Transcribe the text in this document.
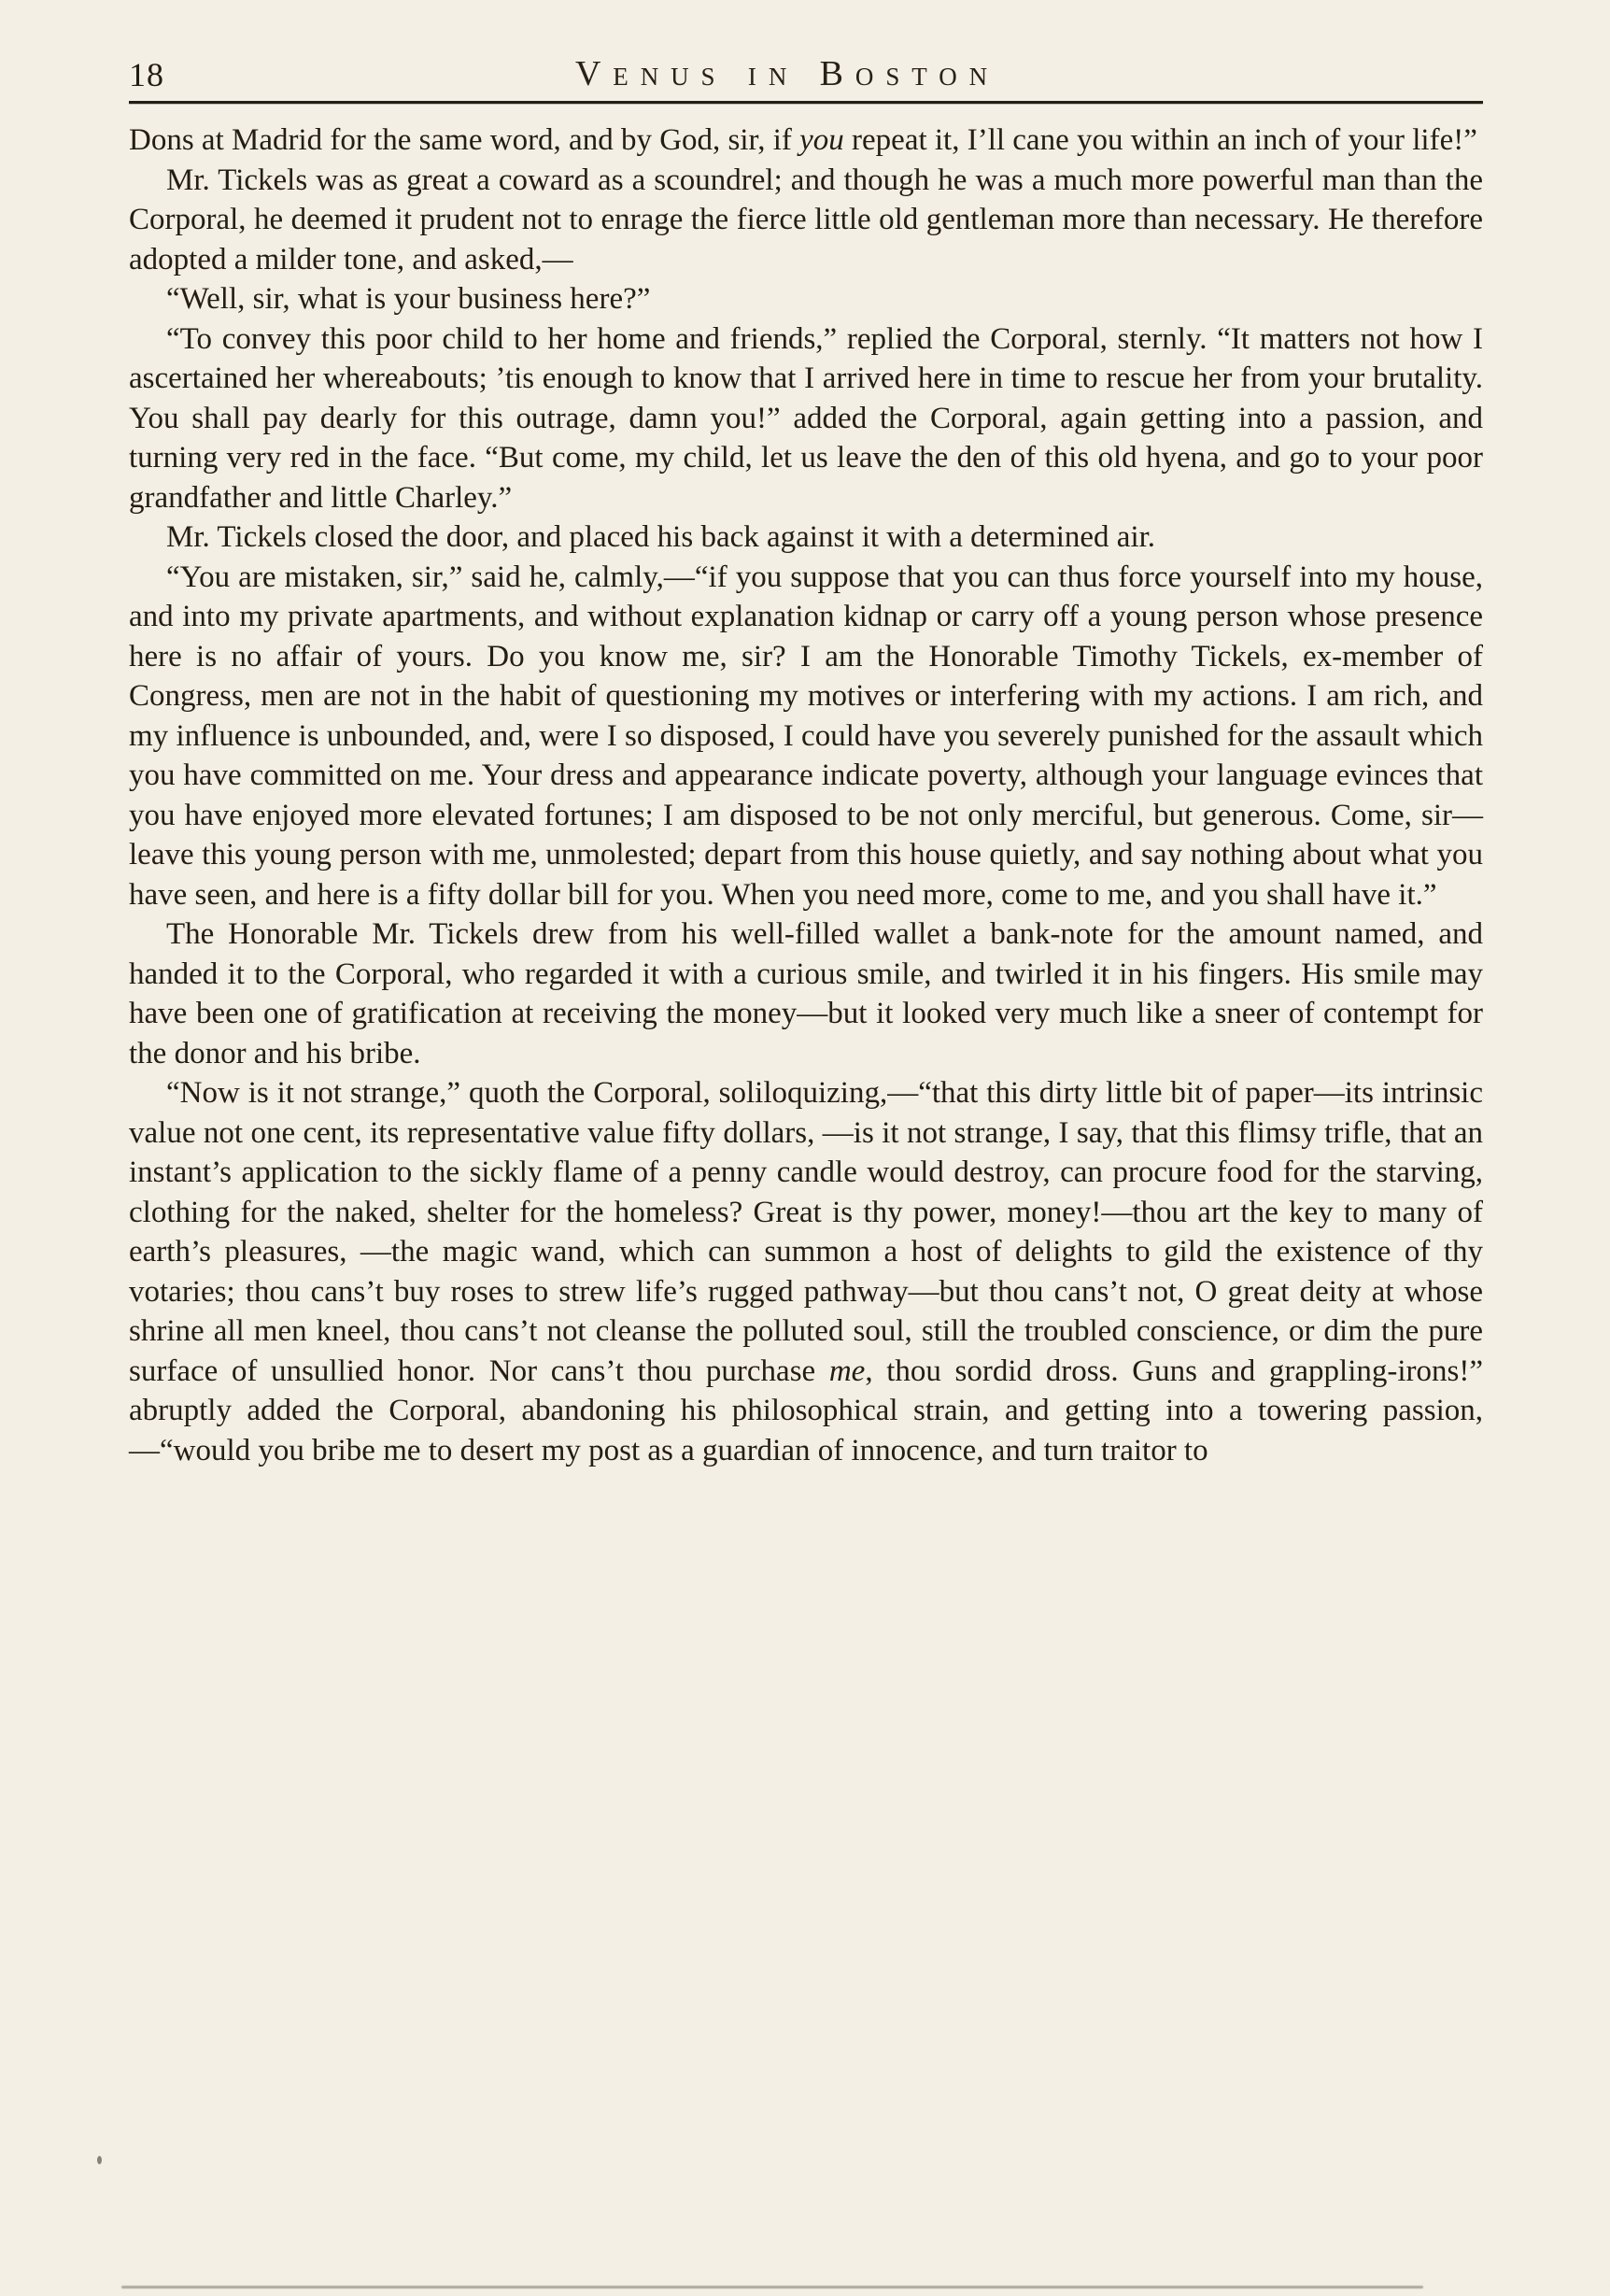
18	Venus in Boston

Dons at Madrid for the same word, and by God, sir, if you repeat it, I’ll cane you within an inch of your life!”

Mr. Tickels was as great a coward as a scoundrel; and though he was a much more powerful man than the Corporal, he deemed it prudent not to enrage the fierce little old gentleman more than necessary. He therefore adopted a milder tone, and asked,—

“Well, sir, what is your business here?”

“To convey this poor child to her home and friends,” replied the Corporal, sternly. “It matters not how I ascertained her whereabouts; ’tis enough to know that I arrived here in time to rescue her from your brutality. You shall pay dearly for this outrage, damn you!” added the Corporal, again getting into a passion, and turning very red in the face. “But come, my child, let us leave the den of this old hyena, and go to your poor grandfather and little Charley.”

Mr. Tickels closed the door, and placed his back against it with a determined air.

“You are mistaken, sir,” said he, calmly,—“if you suppose that you can thus force yourself into my house, and into my private apartments, and without explanation kidnap or carry off a young person whose presence here is no affair of yours. Do you know me, sir? I am the Honorable Timothy Tickels, ex-member of Congress, men are not in the habit of questioning my motives or interfering with my actions. I am rich, and my influence is unbounded, and, were I so disposed, I could have you severely punished for the assault which you have committed on me. Your dress and appearance indicate poverty, although your language evinces that you have enjoyed more elevated fortunes; I am disposed to be not only merciful, but generous. Come, sir—leave this young person with me, unmolested; depart from this house quietly, and say nothing about what you have seen, and here is a fifty dollar bill for you. When you need more, come to me, and you shall have it.”

The Honorable Mr. Tickels drew from his well-filled wallet a bank-note for the amount named, and handed it to the Corporal, who regarded it with a curious smile, and twirled it in his fingers. His smile may have been one of gratification at receiving the money—but it looked very much like a sneer of contempt for the donor and his bribe.

“Now is it not strange,” quoth the Corporal, soliloquizing,—“that this dirty little bit of paper—its intrinsic value not one cent, its representative value fifty dollars, —is it not strange, I say, that this flimsy trifle, that an instant’s application to the sickly flame of a penny candle would destroy, can procure food for the starving, clothing for the naked, shelter for the homeless? Great is thy power, money!—thou art the key to many of earth’s pleasures, —the magic wand, which can summon a host of delights to gild the existence of thy votaries; thou cans’t buy roses to strew life’s rugged pathway—but thou cans’t not, O great deity at whose shrine all men kneel, thou cans’t not cleanse the polluted soul, still the troubled conscience, or dim the pure surface of unsullied honor. Nor cans’t thou purchase me, thou sordid dross. Guns and grappling-irons!” abruptly added the Corporal, abandoning his philosophical strain, and getting into a towering passion,—“would you bribe me to desert my post as a guardian of innocence, and turn traitor to
